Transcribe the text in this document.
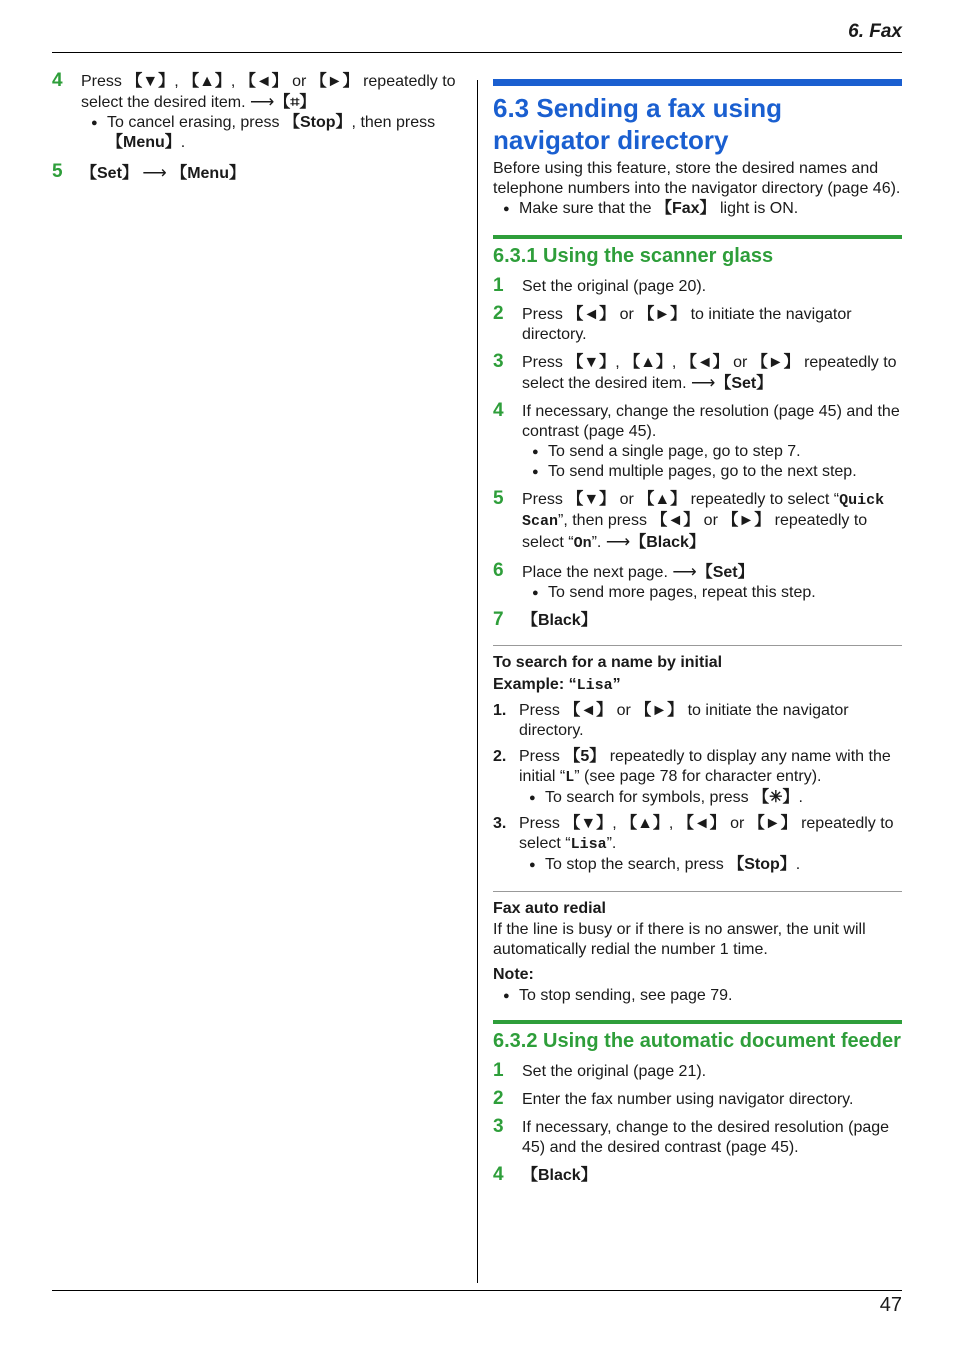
6. Fax
47
4 Press 【▼】, 【▲】, 【◄】 or 【►】 repeatedly to select the desired item. ⟶【⌗】
● To cancel erasing, press 【Stop】, then press 【Menu】.
5 【Set】 ⟶ 【Menu】
6.3 Sending a fax using navigator directory
Before using this feature, store the desired names and telephone numbers into the navigator directory (page 46).
● Make sure that the 【Fax】 light is ON.
6.3.1 Using the scanner glass
1 Set the original (page 20).
2 Press 【◄】 or 【►】 to initiate the navigator directory.
3 Press 【▼】, 【▲】, 【◄】 or 【►】 repeatedly to select the desired item. ⟶【Set】
4 If necessary, change the resolution (page 45) and the contrast (page 45).
● To send a single page, go to step 7.
● To send multiple pages, go to the next step.
5 Press 【▼】 or 【▲】 repeatedly to select “Quick Scan”, then press 【◄】 or 【►】 repeatedly to select “On”. ⟶【Black】
6 Place the next page. ⟶【Set】
● To send more pages, repeat this step.
7 【Black】
To search for a name by initial
Example: “Lisa”
1. Press 【◄】 or 【►】 to initiate the navigator directory.
2. Press 【5】 repeatedly to display any name with the initial “L” (see page 78 for character entry).
● To search for symbols, press 【✳】.
3. Press 【▼】, 【▲】, 【◄】 or 【►】 repeatedly to select “Lisa”.
● To stop the search, press 【Stop】.
Fax auto redial
If the line is busy or if there is no answer, the unit will automatically redial the number 1 time.
Note:
● To stop sending, see page 79.
6.3.2 Using the automatic document feeder
1 Set the original (page 21).
2 Enter the fax number using navigator directory.
3 If necessary, change to the desired resolution (page 45) and the desired contrast (page 45).
4 【Black】
